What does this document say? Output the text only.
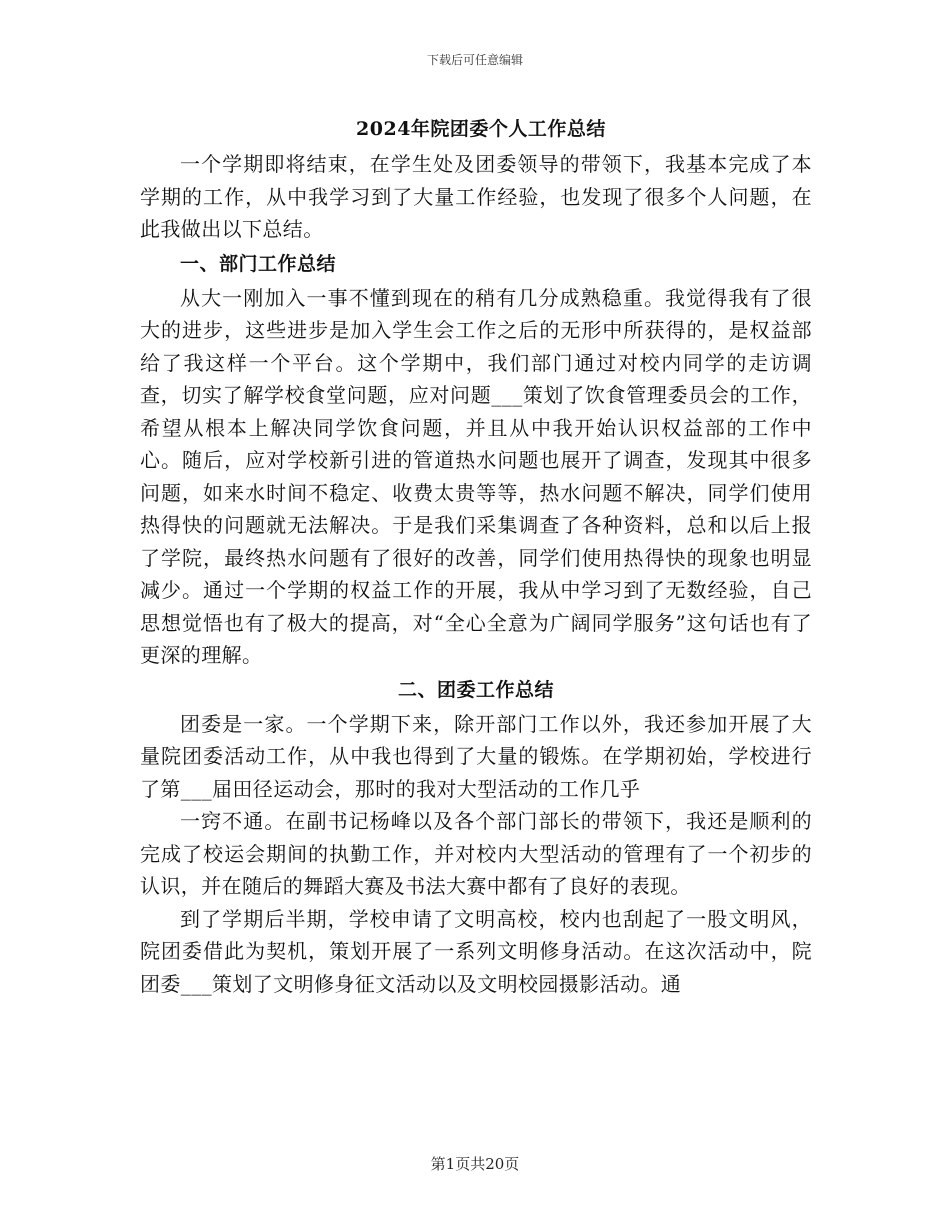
下载后可任意编辑
2024年院团委个人工作总结

一个学期即将结束，在学生处及团委领导的带领下，我基本完成了本学期的工作，从中我学习到了大量工作经验，也发现了很多个人问题，在此我做出以下总结。

一、部门工作总结

从大一刚加入一事不懂到现在的稍有几分成熟稳重。我觉得我有了很大的进步，这些进步是加入学生会工作之后的无形中所获得的，是权益部给了我这样一个平台。这个学期中，我们部门通过对校内同学的走访调查，切实了解学校食堂问题，应对问题___策划了饮食管理委员会的工作，希望从根本上解决同学饮食问题，并且从中我开始认识权益部的工作中心。随后，应对学校新引进的管道热水问题也展开了调查，发现其中很多问题，如来水时间不稳定、收费太贵等等，热水问题不解决，同学们使用热得快的问题就无法解决。于是我们采集调查了各种资料，总和以后上报了学院，最终热水问题有了很好的改善，同学们使用热得快的现象也明显减少。通过一个学期的权益工作的开展，我从中学习到了无数经验，自己思想觉悟也有了极大的提高，对“全心全意为广阔同学服务”这句话也有了更深的理解。

二、团委工作总结

团委是一家。一个学期下来，除开部门工作以外，我还参加开展了大量院团委活动工作，从中我也得到了大量的锻炼。在学期初始，学校进行了第___届田径运动会，那时的我对大型活动的工作几乎

一窍不通。在副书记杨峰以及各个部门部长的带领下，我还是顺利的完成了校运会期间的执勤工作，并对校内大型活动的管理有了一个初步的认识，并在随后的舞蹈大赛及书法大赛中都有了良好的表现。

到了学期后半期，学校申请了文明高校，校内也刮起了一股文明风，院团委借此为契机，策划开展了一系列文明修身活动。在这次活动中，院团委___策划了文明修身征文活动以及文明校园摄影活动。通

第1页共20页
